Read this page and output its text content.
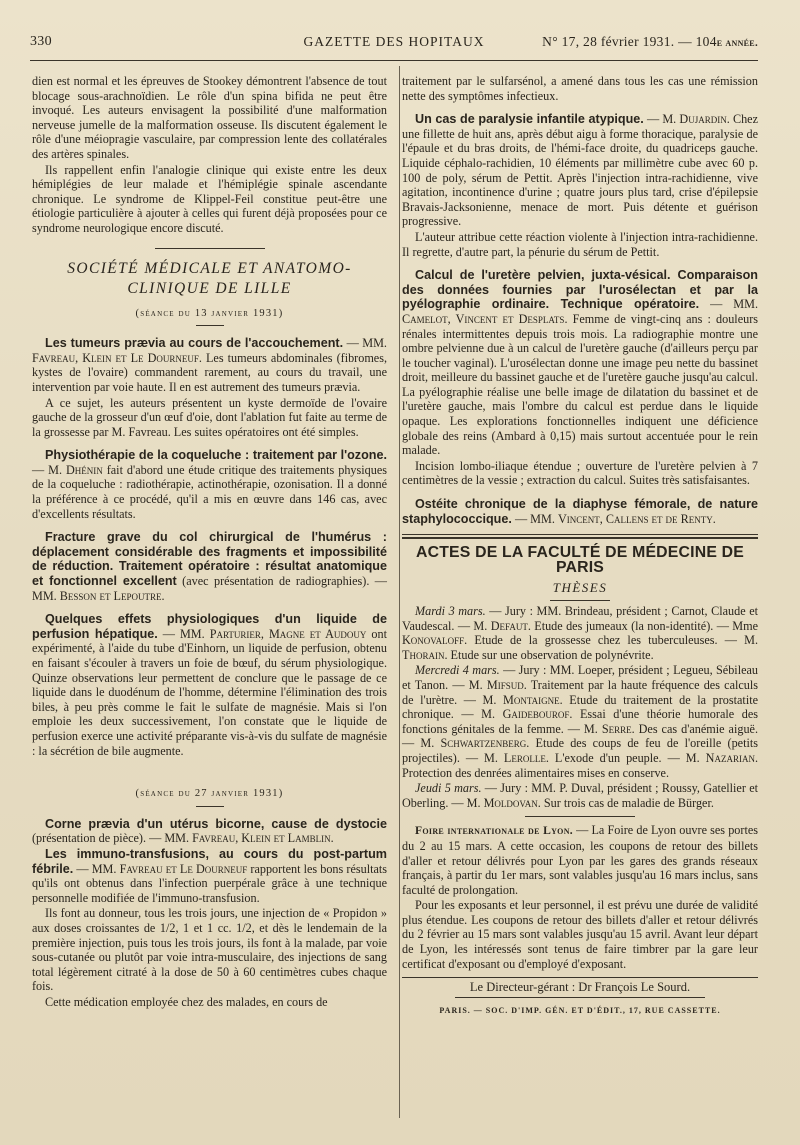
330	GAZETTE DES HOPITAUX	N° 17, 28 février 1931. — 104e année.

dien est normal et les épreuves de Stookey démontrent l'absence de tout blocage sous-arachnoïdien. Le rôle d'un spina bifida ne peut être invoqué. Les auteurs envisagent la possibilité d'une malformation nerveuse jumelle de la malformation osseuse. Ils discutent également le rôle d'une méiopragie vasculaire, par compression lente des collatérales des artères spinales.

Ils rappellent enfin l'analogie clinique qui existe entre les deux hémiplégies de leur malade et l'hémiplégie spinale ascendante chronique. Le syndrome de Klippel-Feil constitue peut-être une étiologie particulière à ajouter à celles qui furent déjà proposées pour ce syndrome neurologique encore discuté.

SOCIÉTÉ MÉDICALE ET ANATOMO-CLINIQUE DE LILLE
(séance du 13 janvier 1931)

Les tumeurs prævia au cours de l'accouchement. — MM. Favreau, Klein et Le Dourneuf. Les tumeurs abdominales (fibromes, kystes de l'ovaire) commandent rarement, au cours du travail, une intervention par voie haute. Il en est autrement des tumeurs prævia.

A ce sujet, les auteurs présentent un kyste dermoïde de l'ovaire gauche de la grosseur d'un œuf d'oie, dont l'ablation fut faite au terme de la grossesse par M. Favreau. Les suites opératoires ont été simples.

Physiothérapie de la coqueluche : traitement par l'ozone. — M. Dhénin fait d'abord une étude critique des traitements physiques de la coqueluche : radiothérapie, actinothérapie, ozonisation. Il a donné la préférence à ce procédé, qu'il a mis en œuvre dans 146 cas, avec d'excellents résultats.

Fracture grave du col chirurgical de l'humérus : déplacement considérable des fragments et impossibilité de réduction. Traitement opératoire : résultat anatomique et fonctionnel excellent (avec présentation de radiographies). — MM. Besson et Lepoutre.

Quelques effets physiologiques d'un liquide de perfusion hépatique. — MM. Parturier, Magne et Audouy ont expérimenté, à l'aide du tube d'Einhorn, un liquide de perfusion, obtenu en faisant s'écouler à travers un foie de bœuf, du sérum physiologique. Quinze observations leur permettent de conclure que le passage de ce liquide dans le duodénum de l'homme, détermine l'élimination des trois biles, à peu près comme le fait le sulfate de magnésie. Mais si l'on emploie les deux successivement, l'on constate que le liquide de perfusion exerce une activité préparante vis-à-vis du sulfate de magnésie : la sécrétion de bile augmente.

(séance du 27 janvier 1931)

Corne prævia d'un utérus bicorne, cause de dystocie (présentation de pièce). — MM. Favreau, Klein et Lamblin.

Les immuno-transfusions, au cours du post-partum fébrile. — MM. Favreau et Le Dourneuf rapportent les bons résultats qu'ils ont obtenus dans l'infection puerpérale grâce à une technique personnelle modifiée de l'immuno-transfusion.

Ils font au donneur, tous les trois jours, une injection de « Propidon » aux doses croissantes de 1/2, 1 et 1 cc. 1/2, et dès le lendemain de la première injection, puis tous les trois jours, ils font à la malade, par voie sous-cutanée ou plutôt par voie intra-musculaire, des injections de sang total légèrement citraté à la dose de 50 à 60 centimètres cubes chaque fois.

Cette médication employée chez des malades, en cours de

traitement par le sulfarsénol, a amené dans tous les cas une rémission nette des symptômes infectieux.

Un cas de paralysie infantile atypique. — M. Dujardin. Chez une fillette de huit ans, après début aigu à forme thoracique, paralysie de l'épaule et du bras droits, de l'hémi-face droite, du quadriceps gauche. Liquide céphalo-rachidien, 10 éléments par millimètre cube avec 60 p. 100 de poly, sérum de Pettit. Après l'injection intra-rachidienne, vive agitation, incontinence d'urine ; quatre jours plus tard, crise d'épilepsie Bravais-Jacksonienne, menace de mort. Puis détente et guérison progressive.

L'auteur attribue cette réaction violente à l'injection intra-rachidienne. Il regrette, d'autre part, la pénurie du sérum de Pettit.

Calcul de l'uretère pelvien, juxta-vésical. Comparaison des données fournies par l'urosélectan et par la pyélographie ordinaire. Technique opératoire. — MM. Camelot, Vincent et Desplats. Femme de vingt-cinq ans : douleurs rénales intermittentes depuis trois mois. La radiographie montre une ombre pelvienne due à un calcul de l'uretère gauche (d'ailleurs perçu par le toucher vaginal). L'urosélectan donne une image peu nette du bassinet droit, meilleure du bassinet gauche et de l'uretère gauche jusqu'au calcul. La pyélographie réalise une belle image de dilatation du bassinet et de l'uretère gauche, mais l'ombre du calcul est perdue dans le liquide opaque. Les explorations fonctionnelles indiquent une déficience globale des reins (Ambard à 0,15) mais surtout accentuée pour le rein malade.

Incision lombo-iliaque étendue ; ouverture de l'uretère pelvien à 7 centimètres de la vessie ; extraction du calcul. Suites très satisfaisantes.

Ostéite chronique de la diaphyse fémorale, de nature staphylococcique. — MM. Vincent, Callens et de Renty.

ACTES DE LA FACULTÉ DE MÉDECINE DE PARIS
THÈSES

Mardi 3 mars. — Jury : MM. Brindeau, président ; Carnot, Claude et Vaudescal. — M. Defaut. Etude des jumeaux (la non-identité). — Mme Konovaloff. Etude de la grossesse chez les tuberculeuses. — M. Thorain. Etude sur une observation de polynévrite.

Mercredi 4 mars. — Jury : MM. Loeper, président ; Legueu, Sébileau et Tanon. — M. Mifsud. Traitement par la haute fréquence des calculs de l'urètre. — M. Montaigne. Etude du traitement de la prostatite chronique. — M. Gaidebourof. Essai d'une théorie humorale des fonctions génitales de la femme. — M. Serre. Des cas d'anémie aiguë. — M. Schwartzenberg. Etude des coups de feu de l'oreille (petits projectiles). — M. Lerolle. L'exode d'un peuple. — M. Nazarian. Protection des denrées alimentaires mises en conserve.

Jeudi 5 mars. — Jury : MM. P. Duval, président ; Roussy, Gatellier et Oberling. — M. Moldovan. Sur trois cas de maladie de Bürger.

Foire internationale de Lyon. — La Foire de Lyon ouvre ses portes du 2 au 15 mars. A cette occasion, les coupons de retour des billets d'aller et retour délivrés pour Lyon par les gares des grands réseaux français, à partir du 1er mars, sont valables jusqu'au 16 mars inclus, sans faculté de prolongation.

Pour les exposants et leur personnel, il est prévu une durée de validité plus étendue. Les coupons de retour des billets d'aller et retour délivrés du 2 février au 15 mars sont valables jusqu'au 15 avril. Avant leur départ de Lyon, les intéressés sont tenus de faire timbrer par la gare leur certificat d'exposant ou d'employé d'exposant.

Le Directeur-gérant : Dr François Le Sourd.
PARIS. — SOC. D'IMP. GÉN. ET D'ÉDIT., 17, RUE CASSETTE.
